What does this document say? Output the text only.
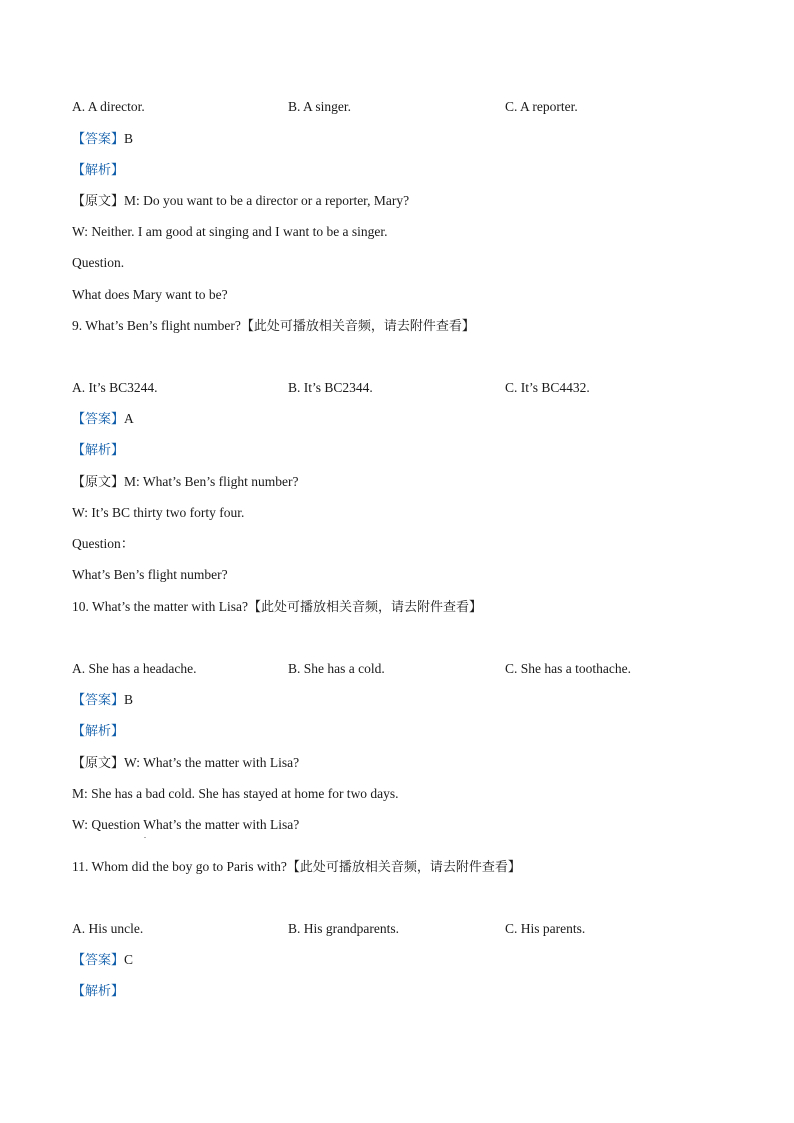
A. A director.	B. A singer.	C. A reporter.
【答案】B
【解析】
【原文】M: Do you want to be a director or a reporter, Mary?
W: Neither. I am good at singing and I want to be a singer.
Question.
What does Mary want to be?
9. What’s Ben’s flight number?【此处可播放相关音频，请去附件查看】
A. It’s BC3244.	B. It’s BC2344.	C. It’s BC4432.
【答案】A
【解析】
【原文】M: What’s Ben’s flight number?
W: It’s BC thirty two forty four.
Question：
What’s Ben’s flight number?
10. What’s the matter with Lisa?【此处可播放相关音频，请去附件查看】
A. She has a headache.	B. She has a cold.	C. She has a toothache.
【答案】B
【解析】
【原文】W: What’s the matter with Lisa?
M: She has a bad cold. She has stayed at home for two days.
W: Question What’s the matter with Lisa?
.
11. Whom did the boy go to Paris with?【此处可播放相关音频，请去附件查看】
A. His uncle.	B. His grandparents.	C. His parents.
【答案】C
【解析】
